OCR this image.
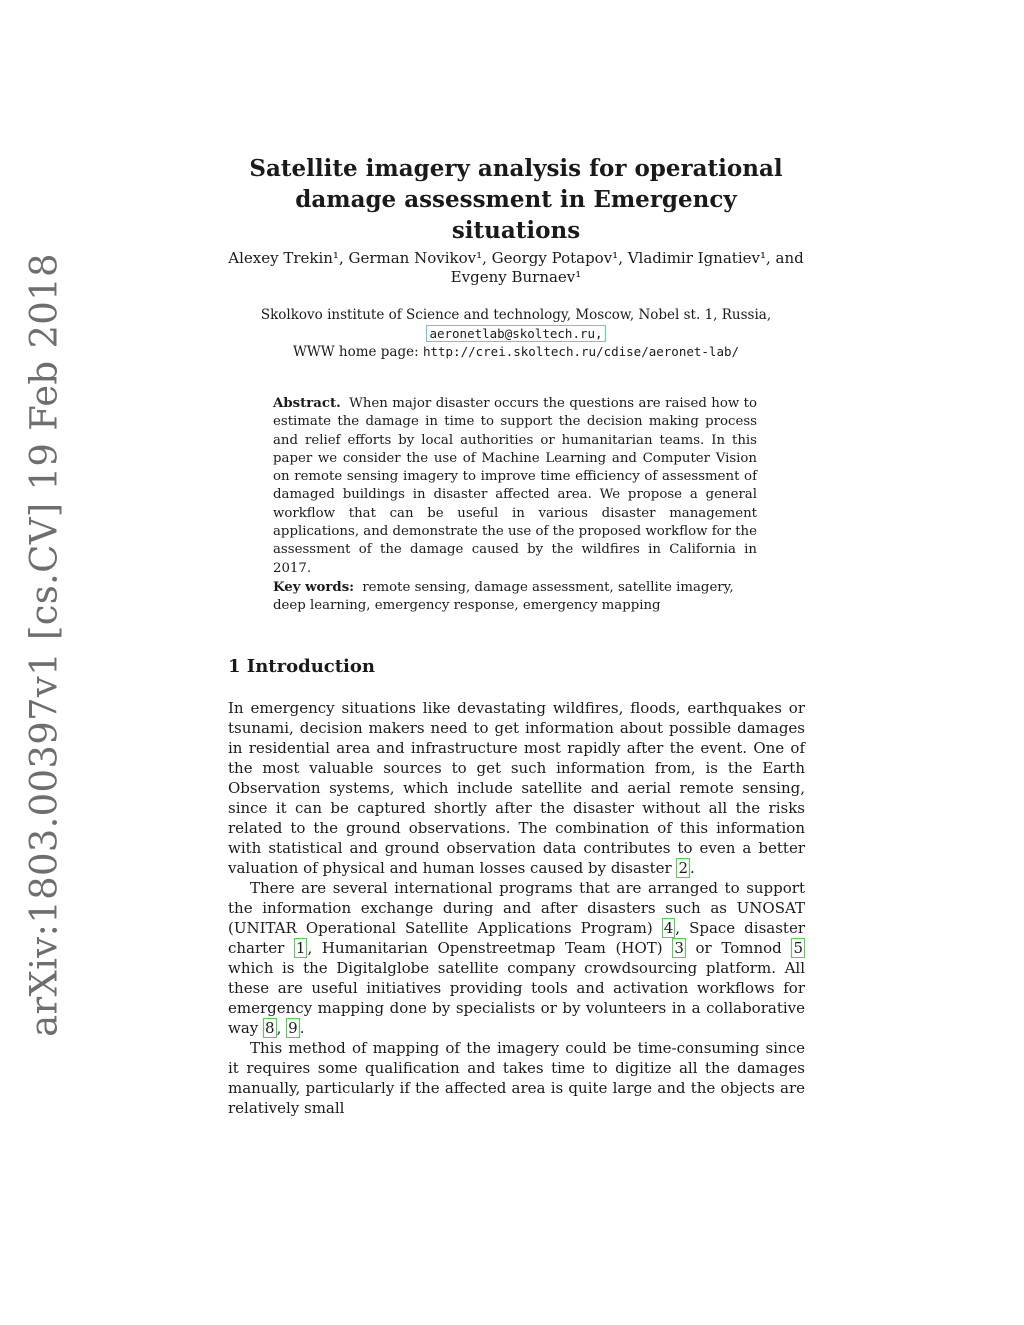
arXiv:1803.00397v1 [cs.CV] 19 Feb 2018
Satellite imagery analysis for operational
damage assessment in Emergency situations
Alexey Trekin¹, German Novikov¹, Georgy Potapov¹, Vladimir Ignatiev¹, and
Evgeny Burnaev¹
Skolkovo institute of Science and technology, Moscow, Nobel st. 1, Russia,
aeronetlab@skoltech.ru,
WWW home page: http://crei.skoltech.ru/cdise/aeronet-lab/

Abstract. When major disaster occurs the questions are raised how to estimate the damage in time to support the decision making process and relief efforts by local authorities or humanitarian teams. In this paper we consider the use of Machine Learning and Computer Vision on remote sensing imagery to improve time efficiency of assessment of damaged buildings in disaster affected area. We propose a general workflow that can be useful in various disaster management applications, and demonstrate the use of the proposed workflow for the assessment of the damage caused by the wildfires in California in 2017.

Key words: remote sensing, damage assessment, satellite imagery, deep learning, emergency response, emergency mapping
1 Introduction

In emergency situations like devastating wildfires, floods, earthquakes or tsunami, decision makers need to get information about possible damages in residential area and infrastructure most rapidly after the event. One of the most valuable sources to get such information from, is the Earth Observation systems, which include satellite and aerial remote sensing, since it can be captured shortly after the disaster without all the risks related to the ground observations. The combination of this information with statistical and ground observation data contributes to even a better valuation of physical and human losses caused by disaster 2 .

There are several international programs that are arranged to support the information exchange during and after disasters such as UNOSAT (UNITAR Operational Satellite Applications Program) 4 , Space disaster charter 1 , Humanitarian Openstreetmap Team (HOT) 3 or Tomnod 5 which is the Digitalglobe satellite company crowdsourcing platform. All these are useful initiatives providing tools and activation workflows for emergency mapping done by specialists or by volunteers in a collaborative way 8 , 9 .

This method of mapping of the imagery could be time-consuming since it requires some qualification and takes time to digitize all the damages manually, particularly if the affected area is quite large and the objects are relatively small
